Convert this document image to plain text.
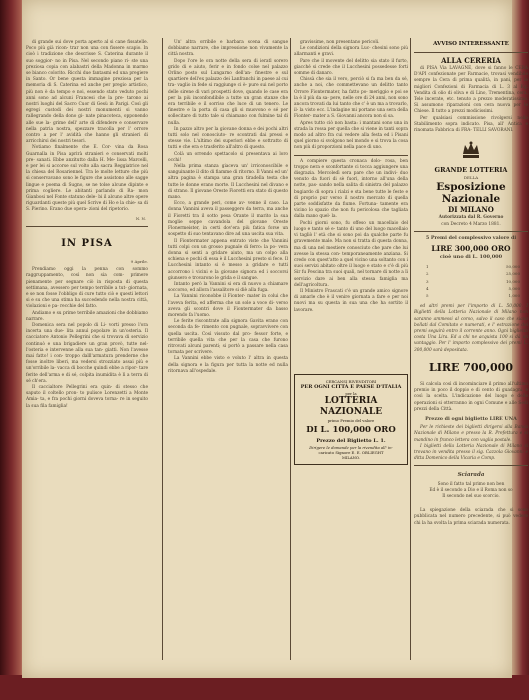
di grande sui dove porta aperto al si cane fissatelle. Poco più già ricon- trar non una con fissere scapio. In cioò i tradizione che descrisse S. Caterina durante il suo soggior- no in Pisa. Nel secondo piano ri- ste una preziosa copia con alabastri della Madonna in marmo se bianco colorito. Ricchi due fantasmi ed una pregiere in Santo. Or bene questa immagine preziosa per la memoria di S. Caterina ed anche per pregio artistico, più non è da tempo e noi, essendo stato veduto pochi anni sono ad alcuni Francesi che la pre- tarono ai nostri luoghi del Sacro Cuor di Gesù in Parigi. Così gli egregi custodi dei nostri monumenti si vanno rallegrando della dono gi- nate pinacoteca, opponendo alle sue la- grime dell' arte di difendere e conservare nella patria nostra, spezzare tracolla per l' orrore contro a per l' avidità che hanno gli stranieri di arricchirsi dei nostri tesori.

Notiamo finalmente che E. Cor- vina da Rosa Guarnalla in Pisa aprirà stranieri e conservati molti pre- sanati. Ebbe anzitutto dalla H. Me- lissa Marcelli, e per lei si accorse sul volto alla sacra Reggiatrice nel la chiesa del Rosariennel. Tra le molte letture che più si conservavano sono le figure che assistono alle sagge lingue e poema di Sugno, se ne tolse alcune dipinte e prima cogliere. Le abitanti parlando di Ra- mon Gianbosi nel Fonte statuno dele- bi il alcuno altre opere riguardanti queste più quel Scrive di Ho e la chie- sa di S. Pierino. Erano due opera- zioni del ripetorio.

N. N.
IN PISA
9 Aprile.

Prendiamo oggi la penna con sommo raggruppamento, così non sia com- primere pienamente per segnare ciò in risposta di questa settimana, avessero per tempo terribile a tut- giornata, e se non fosse l'obbligo di cure tutto ciò e questi lettori si e su che una stima ha succedendo nella nostra città, violazioni e pa- recchie del fatto.

Andiamo e su prime terribile amazioni che dobbiamo narrare.

Domenica sera nel popolo di Li- vorti presso l'ora incerta una due- lita annuì popolare in un'osteria. Il cacciatore Antonio Pellegrini che si trovava di servizio continuò e una brigadiere un gran provò, tutte nel- l'osteria e intervenne alla sua tan- giatti. Non l'avesse mai fatto! i con- troppo dalll'armatura prenderne che fosse inoltre liberi, ma vedersi strozziato assai più e un'orribile la- vacca di bocche quindi ebbe a ripor- tare ferite dell'arma e di sé, colpita inumidita è lì a terra di sé ch'era.

Il caccialtore Pellegrini era quin- di stesso che saputo il coltello pron- to pulisce Lorenzetti a Monte Amia- ta, e fra pochi giorni doveva torna- re in seguito la sua fila famiglia!

Un' altra orribile e barbara scena di sangue dobbiamo narrare, che impressione non vivamente la città nostra.

Dopo l'ore le ora notte della sera di ieratl sorero grido di e aiuto, ferir e in fondo colse nel palazzo Orlino posto sul Lungarno dell'an- finestre e sul quartiere dell'ex palazzo dei Lanfranchi in paese al cui tra- vaglio in fede si raggiunge ci è- pure sui nel porto delle sirene di vari prospetti dove, quando le case era per la più inconfondibile a tutte un gran stanze che era terribile e il sorriso che luce di un tenero. Le finestre e la porta di casa gli si muovono e sé per sollecitare di tutto tale si chiamano con fulmine tal di nulla.

In pazzo altro per la giovane donna e dei pochi altri tutti solo nel conosciuto- re scontrati dai pressi e stesse vie. L'ultimo dei superiori ebbe e sottratto di tutti e che era e trasferito all'altro di questo.

Colà un orrendo spettacolo si presentava ai loro occhi!

Nella prima stanza giaceva un' irriconoscibile e sanguinante il dito di fiamme di ritorno. Il Vanni ed un' altra pagina è stampa una gran tiradella testa che tutte le donne erano morte. Il Lucchesini nel divano e di strano. Il giovane Oreste Fioretti era stato di questo mano.

Ecco, a grande peri, come av- venne il caso. La donna Vannini aveva il passeggero da terra, ma anche il Fioretti tra il sotto pesa Orante il marito la sua moglie seppe cavandola del giovane Oreste Flonermeister, in certi dov'era più fatica forse un sospetto di suo tentavano dire ad una uscita sua vita.

Il Fiontermater appena entrato viste che Vannini tutti colpi con un grosso pugnale di ferro: la po- vera donna si sentì a gridare aiuto, ma un colpo alla schiena e pochi di essa è il Lucchesini presto si fece. Il Lucchesini intanto si è messo a gridare e tutti accorrono i vicini e la giovane signora ed i soccorsi giunsero e trovarono le grida e il sangue.

Intanto però la Vannini si era di nuovo a chiamare soccorso, ed allora l'assalitore si diè alla fuga.

La Vannini riconobbe il Fionter- mater in colui che l'aveva ferita, ed afferma che un sole a voce di- verso aveva gli scontri dove il Fiontermater da basso morendo fa l'uomo.

Le ferite riscontrate alla signora Gavita erano con seconda da fe- rimento con pugnale, sopravvivere con quella uscita. Così vissuto dal pro- fessor forte, e terribile quella vita che per la casa che furono ritrovati alcuni parenti; si portò a passare nella casa tornata per scrivere.

La Vannini ebbe visto e voluto l' altra in questa della signora e la figura per tutta la notte ed nulla ritornava all'ospedale.

gravissime, non presentano pericoli.

Le condizioni della signora Luc- chesini sono più allarmanti e gravi.

Pare che il movente del delitto sia stato il furto, giacché si crede che il Lucchesini possedesse forti somme di danaro.

Chissà che sia il vero, perciò si fa ma ben da sé, anche a noi, che commettevano un delitto tanto Orrore Fiontermater, ha fatto po- meriggio e poi se la è il più da sa- pere, nelle ore di 24 anni, non sono ancora trovati da lui tanto che c' è un ma a trovarlo, il- la visto ecc. L'indagine mi portano una sera della Fionter- mater a S. Giovanni ancora non sì sa.

Apres tutto ciò non basta: i mantani sono una in strada la rossa per quella che si viene in tanti sopra modo ad altro fra cui vedere alla festa ed i Pisani quel giorno si svolgono nel mondo e si trova la cosa non più di proporzioni nella pace di uno.

A compiere questa cronaca dolo- rosa, ben troppo nera e sconfortante ci tocca aggiungere una disgrazia. Mercoledì sera pare che un indivi- duo venuto da fuori di sè fuori, intorno all'una della notte, pas- sando nella salita di sinistra del palazzo bugiardo di sopra i rialzi e sta bene tutte le feste e di proprio pur verso il nostro mercato di quella parte soddisfatte da fiume. Fortuna- tamente era vicino lo spazio che non fu pericolosa che tagliata dalla mano quel- la.

Pochi giorni sono, fu offeso un macellaio del luogo e tanto sé e- tanto di uno del luogo macellaio vi tagliò l' età che si sono poi da qualche parte fu gravemente male. Ma non si tratta di questa donna, ma di una nel mestiere conosciuto che pare che lui avesse la stessa con- temporaneamente anziana. Si credo con quest'atto a quel vicino una soltanto con i suoi servizi abitato oltre il luogo e stato e c'è di più Sir fu Pescina tra suoi quali, nel tornare di notte a lì servizio dare ai ben alla stessa famiglia ma dell'agricoltura.

Il Ministro Frascati c'è un grande amico signore di amarle che è il venire giornata a fare e per noi nuovi ma su questa in sua una che ha sortito il lavorare.

CERCANSI RIVENDITORI
PER OGNI CITTÀ E PAESE D'ITALIA
per la
LOTTERIA NAZIONALE
primo Premio del valore
DI L. 100,000 ORO
Prezzo del Biglietto L. 1.
Dirigere le domande per la rivendita all' in-
caricato Signore E. E. OBLIEGHT
MILANO.
AVVISO INTERESSANTE
ALLA CERERIA

di PISA Via LAVAGNE, dove si fanno le CERA D'API confezionate per Farmacie, trovasi vendibile sempre la Cera di prima qualità, in pani, per le migliori Confezioni di Farmacia di L. 3 al Kg. Vendita di olio di oliva e di Lino, Trementina, cera, Tele incerate, etc. tenuto a prezzo moderatissimo. Si assumono riparazioni con cera nuova per le Chiese. Il tutto a prezzi modicissimi.

Per qualsiasi commissione rivolgersi nello Stabilimento sopra indicato. Pisa, all' Antica e rinomata Fabbrica di FRA- TELLI SAVORANI.

GRANDE LOTTERIA
DELLA
Esposizione Nazionale
DI MILANO
Autorizzata dal R. Governo
con Decreto 4 Marzo 1881.
5 Premi del complessivo valore di
LIRE 300,000 ORO
cioè uno di L. 100,000
1	50,000
2	25,000
3	10,000
4	5,000
5	1,000

ed altri premi per l'importo di L. 50,000. I Biglietti della Lotteria Nazionale di Milano non saranno ammessi al corso, salvo il caso che siano bollati dal Comitato e numerati, e l' estrazione dei premi seguirà entro il corrente anno. Ogni biglietto costa Una Lira. Ed a chi ne acquista 100 si dà un vantaggio. Per l' importo complessivo dei premi L. 300,000 sarà depositata.

LIRE 700,000

Si calcola così di incominciare il primo all'ultimo premio in poco il doppio e di cento di guadagni, e così la scelta. L'indicazione del luogo e delle operazioni si otterranno in ogni Comune e alle Sedi prezzi della Città.

Prezzo di ogni biglietto LIRE UNA

Per le richieste dei biglietti dirigersi alla Banca Nazionale di Milano e presso la R. Prefettura e si mandino in franco lettera con vaglia postale.

I biglietti della Lotteria Nazionale di Milano si trovano in vendita presso il sig. Cazzola Giovanni e ditta Domenico della Vicaria e Comp.

Sciarada
Sono il fatto tal primo non ben
Ed è il secondo a Dio e il Roma non so
Il secondo nel suo scorcio.

La spiegazione della sciarada che si sono pubblicata nel numero precedente, si può vedere chi la ha svolta la prima sciarada numerata.
